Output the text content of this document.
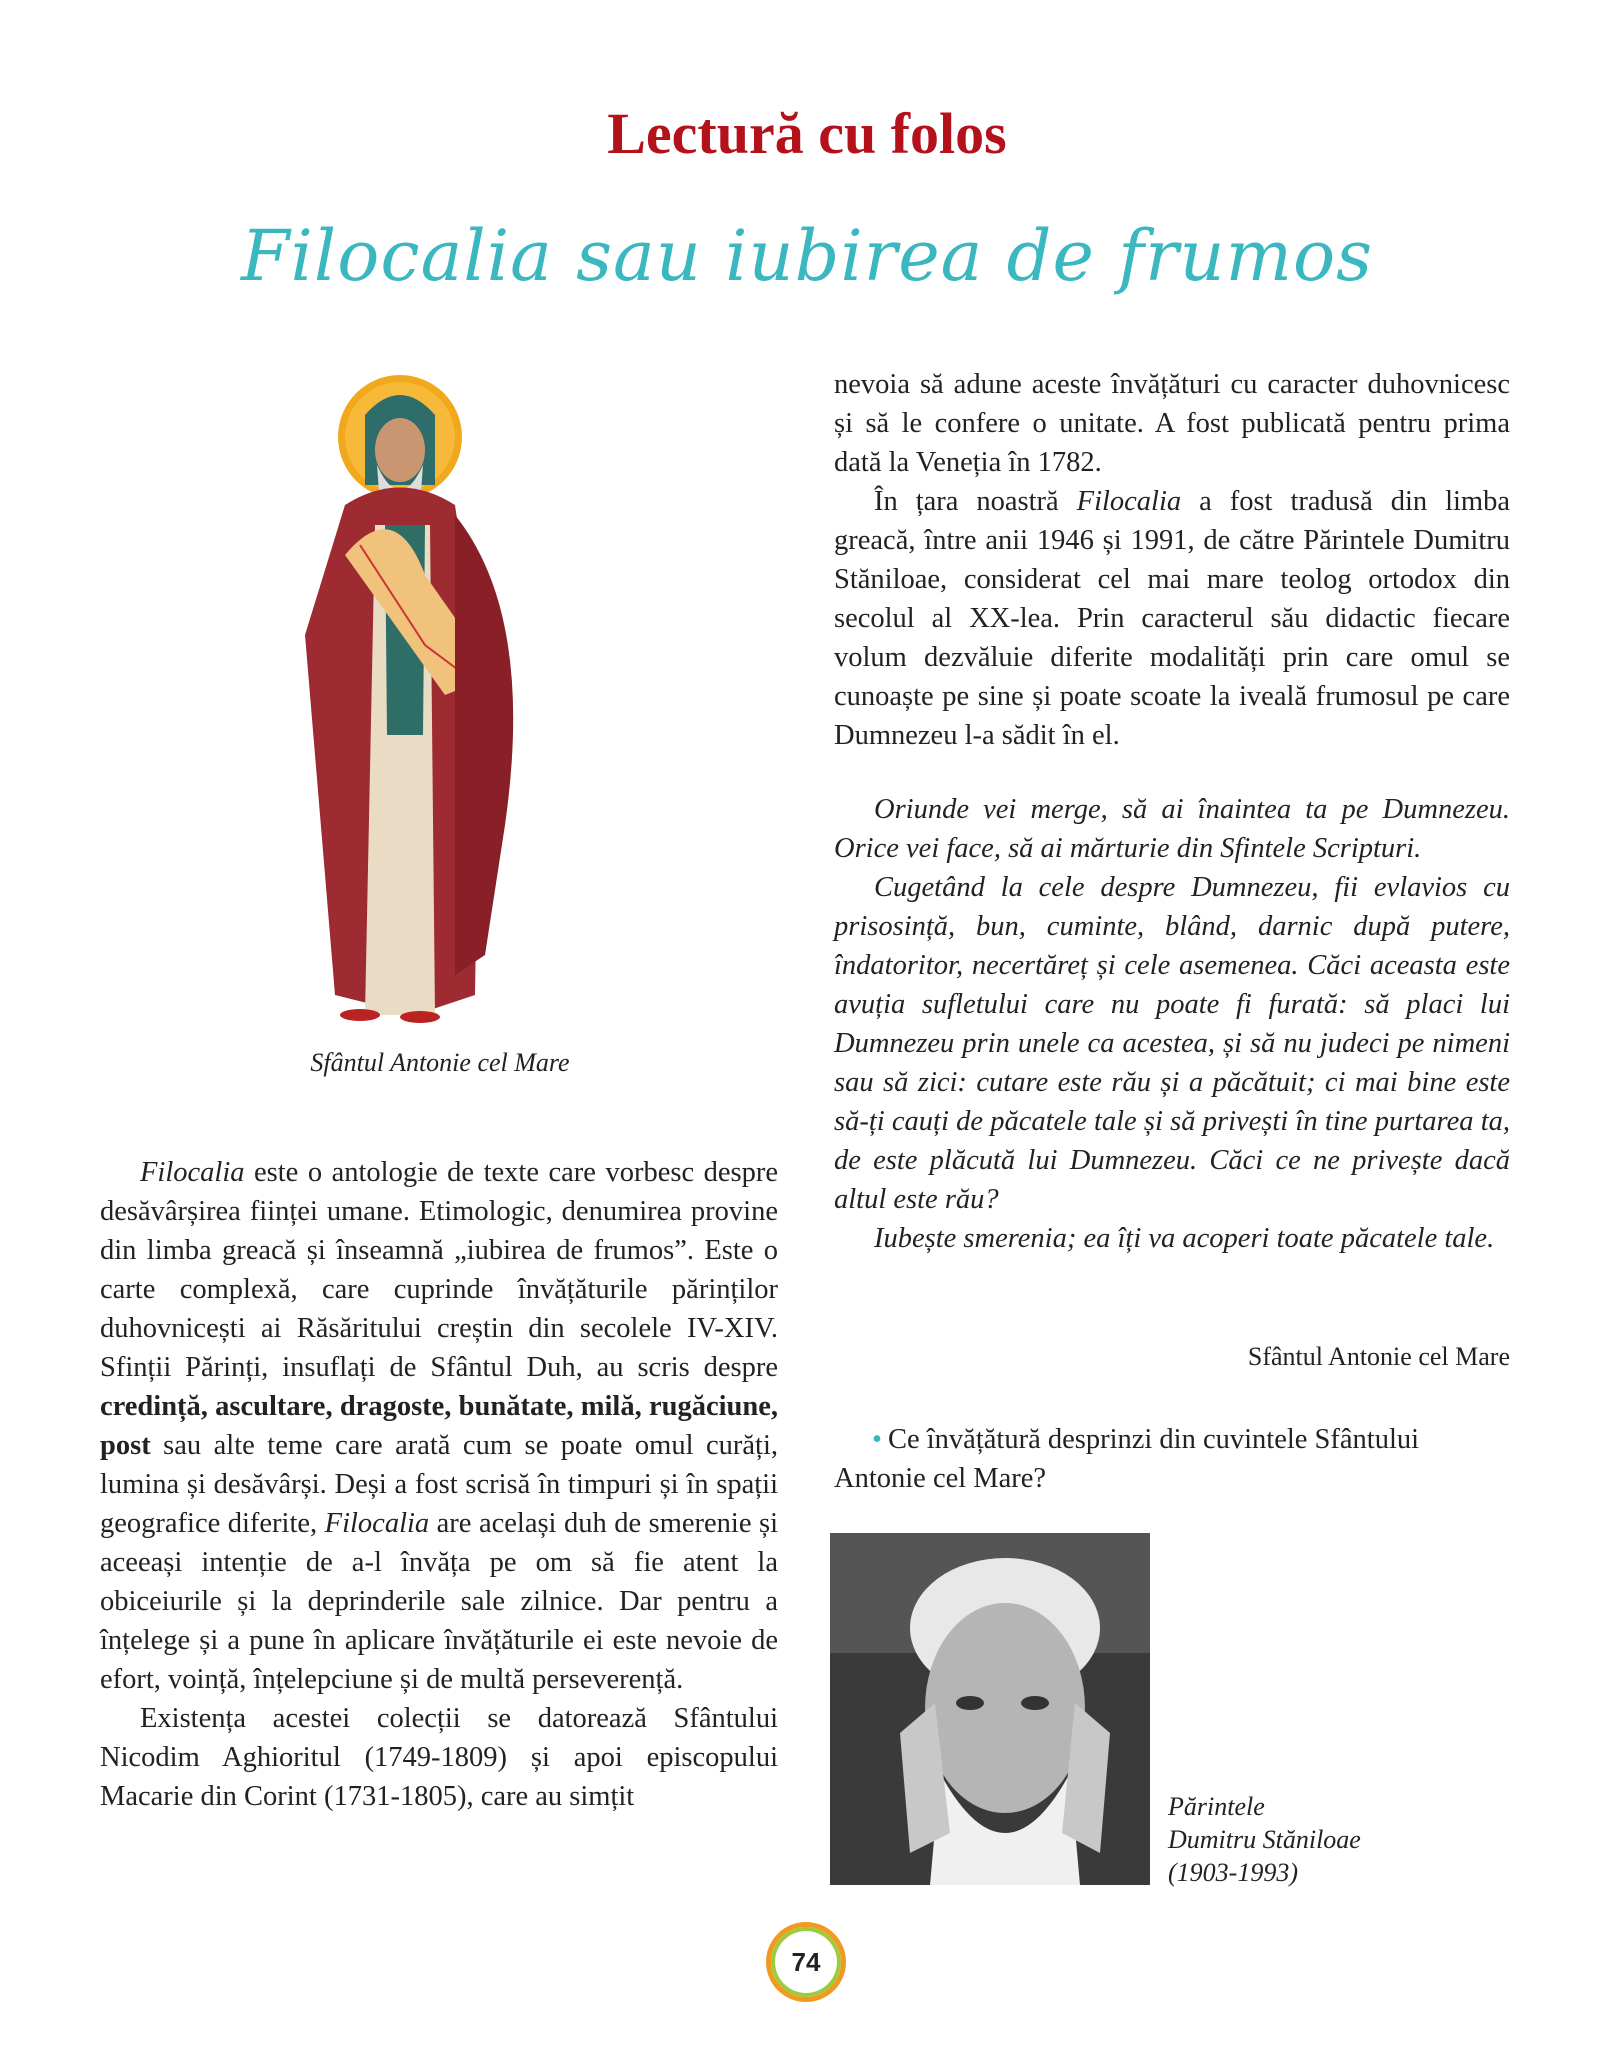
Lectură cu folos
Filocalia sau iubirea de frumos
Sfântul Antonie cel Mare

Filocalia este o antologie de texte care vorbesc despre desăvârșirea ființei umane. Etimologic, denumirea provine din limba greacă și înseamnă „iubirea de frumos”. Este o carte complexă, care cuprinde învățăturile părinților duhovnicești ai Răsăritului creștin din secolele IV-XIV. Sfinții Părinți, insuflați de Sfântul Duh, au scris despre credință, ascultare, dragoste, bunătate, milă, rugăciune, post sau alte teme care arată cum se poate omul curăți, lumina și desăvârși. Deși a fost scrisă în timpuri și în spații geografice diferite, Filocalia are același duh de smerenie și aceeași intenție de a-l învăța pe om să fie atent la obiceiurile și la deprinderile sale zilnice. Dar pentru a înțelege și a pune în aplicare învățăturile ei este nevoie de efort, voință, înțelepciune și de multă perseverență.

Existența acestei colecții se datorează Sfântului Nicodim Aghioritul (1749-1809) și apoi episcopului Macarie din Corint (1731-1805), care au simțit

nevoia să adune aceste învățături cu caracter duhovnicesc și să le confere o unitate. A fost publicată pentru prima dată la Veneția în 1782.

În țara noastră Filocalia a fost tradusă din limba greacă, între anii 1946 și 1991, de către Părintele Dumitru Stăniloae, considerat cel mai mare teolog ortodox din secolul al XX-lea. Prin caracterul său didactic fiecare volum dezvăluie diferite modalități prin care omul se cunoaște pe sine și poate scoate la iveală frumosul pe care Dumnezeu l-a sădit în el.

Oriunde vei merge, să ai înaintea ta pe Dumnezeu. Orice vei face, să ai mărturie din Sfintele Scripturi.

Cugetând la cele despre Dumnezeu, fii evlavios cu prisosință, bun, cuminte, blând, darnic după putere, îndatoritor, necertăreț și cele asemenea. Căci aceasta este avuția sufletului care nu poate fi furată: să placi lui Dumnezeu prin unele ca acestea, și să nu judeci pe nimeni sau să zici: cutare este rău și a păcătuit; ci mai bine este să-ți cauți de păcatele tale și să privești în tine purtarea ta, de este plăcută lui Dumnezeu. Căci ce ne privește dacă altul este rău?

Iubește smerenia; ea îți va acoperi toate păcatele tale.

Sfântul Antonie cel Mare
• Ce învățătură desprinzi din cuvintele Sfântului Antonie cel Mare?
Părintele
Dumitru Stăniloae
(1903-1993)
74
